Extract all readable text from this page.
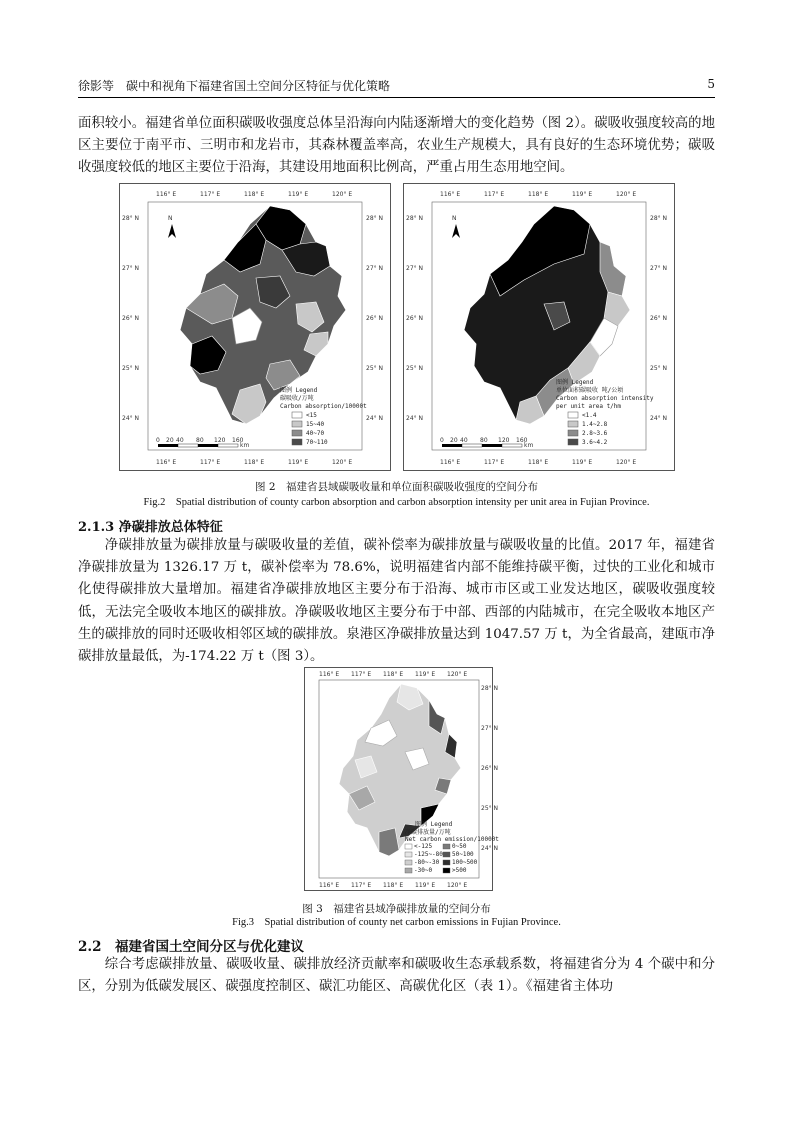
徐影等　碳中和视角下福建省国土空间分区特征与优化策略	5

面积较小。福建省单位面积碳吸收强度总体呈沿海向内陆逐渐增大的变化趋势（图 2）。碳吸收强度较高的地区主要位于南平市、三明市和龙岩市，其森林覆盖率高，农业生产规模大，具有良好的生态环境优势；碳吸收强度较低的地区主要位于沿海，其建设用地面积比例高，严重占用生态用地空间。

116° E	117° E	118° E	119° E	120° E
116° E	117° E	118° E	119° E	120° E
28° N
27° N
26° N
25° N
24° N
28° N
27° N
26° N
25° N
24° N
N
图例 Legend
碳吸收/万吨
Carbon absorption/10000t
<15
15~40
40~70
70~110
0 20 40 80 120 160
km
116° E	117° E	118° E	119° E	120° E
116° E	117° E	118° E	119° E	120° E
28° N
27° N
26° N
25° N
24° N
28° N
27° N
26° N
25° N
24° N
N
图例 Legend
单位面积碳吸收 吨/公顷
Carbon absorption intensity
per unit area t/hm
<1.4
1.4~2.8
2.8~3.6
3.6~4.2
0 20 40 80 120 160
km

图 2　福建省县域碳吸收量和单位面积碳吸收强度的空间分布

Fig.2　Spatial distribution of county carbon absorption and carbon absorption intensity per unit area in Fujian Province.

2.1.3 净碳排放总体特征

净碳排放量为碳排放量与碳吸收量的差值，碳补偿率为碳排放量与碳吸收量的比值。2017 年，福建省净碳排放量为 1326.17 万 t，碳补偿率为 78.6%，说明福建省内部不能维持碳平衡，过快的工业化和城市化使得碳排放大量增加。福建省净碳排放地区主要分布于沿海、城市市区或工业发达地区，碳吸收强度较低，无法完全吸收本地区的碳排放。净碳吸收地区主要分布于中部、西部的内陆城市，在完全吸收本地区产生的碳排放的同时还吸收相邻区域的碳排放。泉港区净碳排放量达到 1047.57 万 t，为全省最高，建瓯市净碳排放量最低，为-174.22 万 t（图 3）。

116° E 117° E 118° E 119° E 120° E
116° E 117° E 118° E 119° E 120° E
28° N
27° N
26° N
25° N
24° N
图例 Legend
净碳排放量/万吨
Net carbon emission/10000t
<-125	0~50
-125~-80 50~100
-80~-30 100~500
-30~0	>500

图 3　福建省县域净碳排放量的空间分布

Fig.3　Spatial distribution of county net carbon emissions in Fujian Province.

2.2　福建省国土空间分区与优化建议

综合考虑碳排放量、碳吸收量、碳排放经济贡献率和碳吸收生态承载系数，将福建省分为 4 个碳中和分区，分别为低碳发展区、碳强度控制区、碳汇功能区、高碳优化区（表 1）。《福建省主体功
